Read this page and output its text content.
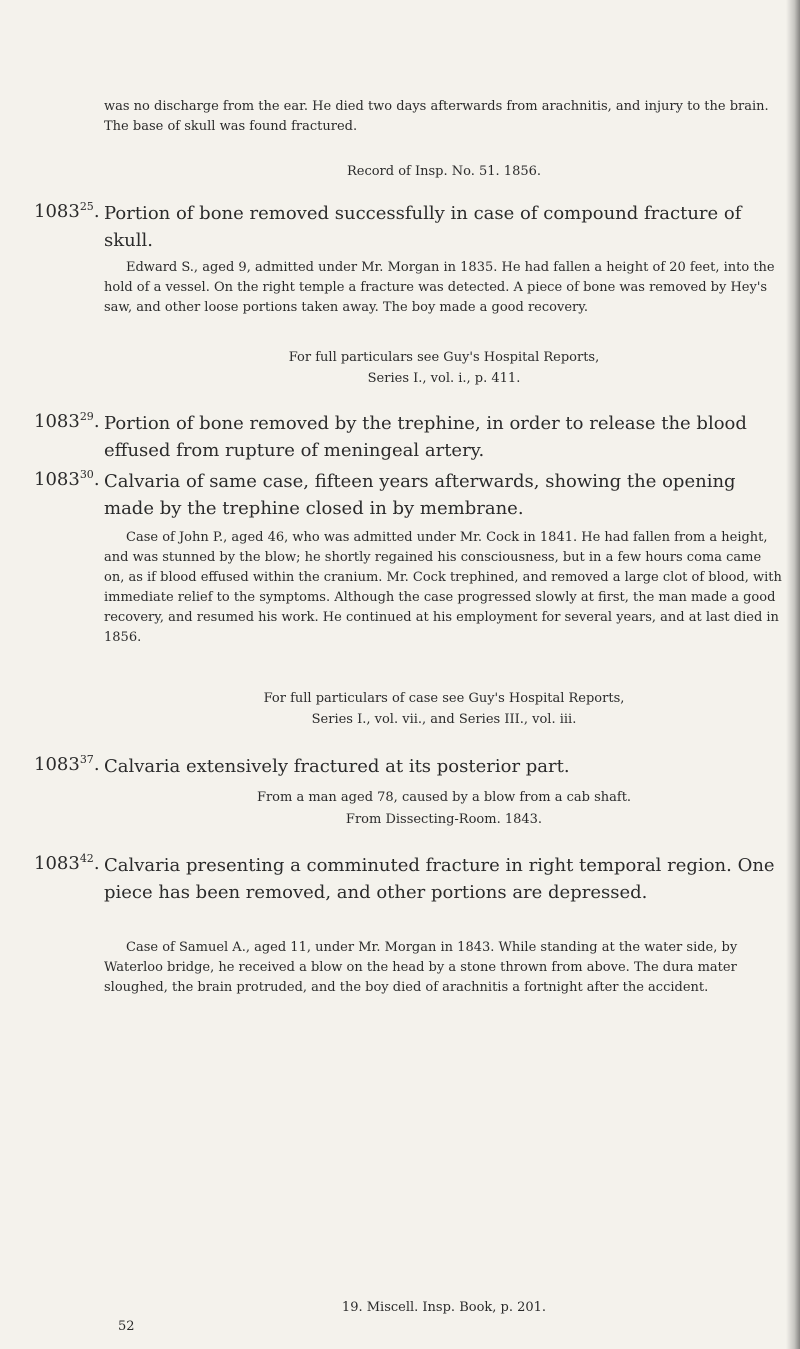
was no discharge from the ear. He died two days afterwards from arachnitis, and injury to the brain. The base of skull was found fractured.
Record of Insp. No. 51. 1856.
1083$^{25}$. Portion of bone removed successfully in case of compound fracture of skull.
Edward S., aged 9, admitted under Mr. Morgan in 1835. He had fallen a height of 20 feet, into the hold of a vessel. On the right temple a fracture was detected. A piece of bone was removed by Hey's saw, and other loose portions taken away. The boy made a good recovery.
For full particulars see Guy's Hospital Reports,
Series I., vol. i., p. 411.
1083$^{29}$. Portion of bone removed by the trephine, in order to release the blood effused from rupture of meningeal artery.
1083$^{30}$. Calvaria of same case, fifteen years afterwards, showing the opening made by the trephine closed in by membrane.
Case of John P., aged 46, who was admitted under Mr. Cock in 1841. He had fallen from a height, and was stunned by the blow; he shortly regained his consciousness, but in a few hours coma came on, as if blood effused within the cranium. Mr. Cock trephined, and removed a large clot of blood, with immediate relief to the symptoms. Although the case progressed slowly at first, the man made a good recovery, and resumed his work. He continued at his employment for several years, and at last died in 1856.
For full particulars of case see Guy's Hospital Reports,
Series I., vol. vii., and Series III., vol. iii.
1083$^{37}$. Calvaria extensively fractured at its posterior part.
From a man aged 78, caused by a blow from a cab shaft.
From Dissecting-Room. 1843.
1083$^{42}$. Calvaria presenting a comminuted fracture in right temporal region. One piece has been removed, and other portions are depressed.
Case of Samuel A., aged 11, under Mr. Morgan in 1843. While standing at the water side, by Waterloo bridge, he received a blow on the head by a stone thrown from above. The dura mater sloughed, the brain protruded, and the boy died of arachnitis a fortnight after the accident.
19. Miscell. Insp. Book, p. 201.
52
